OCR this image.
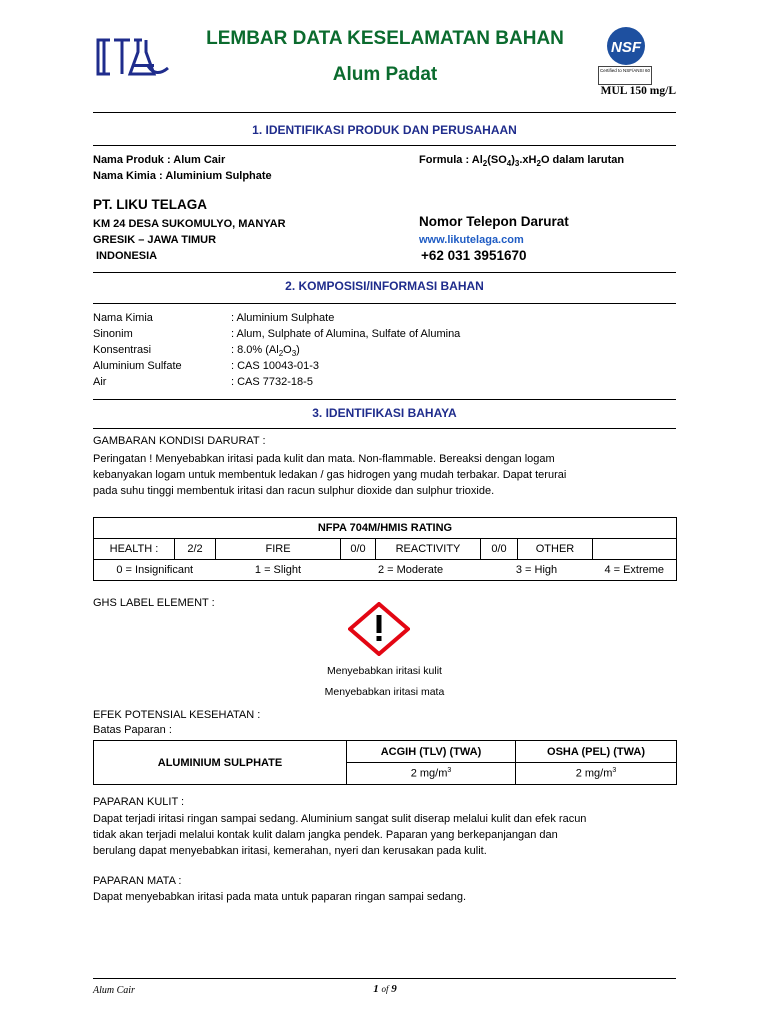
LEMBAR DATA KESELAMATAN BAHAN
Alum Padat
NSF
Certified to NSF/ANSI 60
MUL 150 mg/L
1. IDENTIFIKASI PRODUK DAN PERUSAHAAN
Nama Produk : Alum Cair
Nama Kimia : Aluminium Sulphate
Formula : $Al_2(SO_4)_3.xH_2O$ dalam larutan
PT. LIKU TELAGA
KM 24 DESA SUKOMULYO, MANYAR
GRESIK – JAWA TIMUR
INDONESIA
Nomor Telepon Darurat
www.likutelaga.com
+62 031 3951670
2. KOMPOSISI/INFORMASI BAHAN
Nama Kimia	: Aluminium Sulphate
Sinonim	: Alum, Sulphate of Alumina, Sulfate of Alumina
Konsentrasi	: 8.0% $(Al_2O_3)$
Aluminium Sulfate	: CAS 10043-01-3
Air	: CAS 7732-18-5
3. IDENTIFIKASI BAHAYA
GAMBARAN KONDISI DARURAT :
Peringatan ! Menyebabkan iritasi pada kulit dan mata. Non-flammable. Bereaksi dengan logam
kebanyakan logam untuk membentuk ledakan / gas hidrogen yang mudah terbakar. Dapat terurai
pada suhu tinggi membentuk iritasi dan racun sulphur dioxide dan sulphur trioxide.
NFPA 704M/HMIS RATING							
HEALTH :	2/2	FIRE	0/0	REACTIVITY	0/0	OTHER	
0 = Insignificant		1 = Slight	2 = Moderate		3 = High		4 = Extreme
GHS LABEL ELEMENT :
Menyebabkan iritasi kulit
Menyebabkan iritasi mata
EFEK POTENSIAL KESEHATAN :
Batas Paparan :
ALUMINIUM SULPHATE	ACGIH (TLV) (TWA)	OSHA (PEL) (TWA)
	2 $mg/m^3$	2 $mg/m^3$
PAPARAN KULIT :
Dapat terjadi iritasi ringan sampai sedang. Aluminium sangat sulit diserap melalui kulit dan efek racun
tidak akan terjadi melalui kontak kulit dalam jangka pendek. Paparan yang berkepanjangan dan
berulang dapat menyebabkan iritasi, kemerahan, nyeri dan kerusakan pada kulit.
PAPARAN MATA :
Dapat menyebabkan iritasi pada mata untuk paparan ringan sampai sedang.
Alum Cair	1 of 9
